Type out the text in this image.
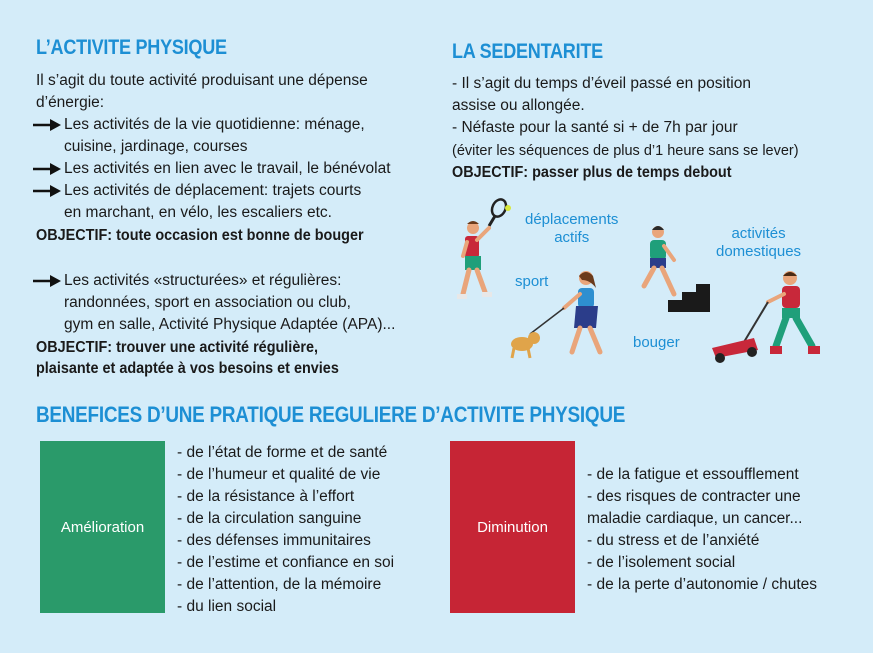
L’ACTIVITE PHYSIQUE
Il s’agit du toute activité produisant une dépense
d’énergie:
Les activités de la vie quotidienne: ménage,
cuisine, jardinage, courses
Les activités en lien avec le travail, le bénévolat
Les activités de déplacement: trajets courts
en marchant, en vélo, les escaliers etc.
OBJECTIF: toute occasion est bonne de bouger
Les activités «structurées» et régulières:
randonnées, sport en association ou club,
gym en salle, Activité Physique Adaptée (APA)...
OBJECTIF: trouver une activité régulière,
plaisante et adaptée à vos besoins et envies
LA SEDENTARITE
- Il s’agit du temps d’éveil passé en position
assise ou allongée.
- Néfaste pour la santé si + de 7h par jour
(éviter les séquences de plus d’1 heure sans se lever)
OBJECTIF: passer plus de temps debout
déplacements
actifs	activités
domestiques
sport
bouger
BENEFICES D’UNE PRATIQUE REGULIERE D’ACTIVITE PHYSIQUE
Amélioration
- de l’état de forme et de santé
- de l’humeur et qualité de vie
- de la résistance à l’effort
- de la circulation sanguine
- des défenses immunitaires
- de l’estime et confiance en soi
- de l’attention, de la mémoire
- du lien social
Diminution
- de la fatigue et essoufflement
- des risques de contracter une
maladie cardiaque, un cancer...
- du stress et de l’anxiété
- de l’isolement social
- de la perte d’autonomie / chutes
